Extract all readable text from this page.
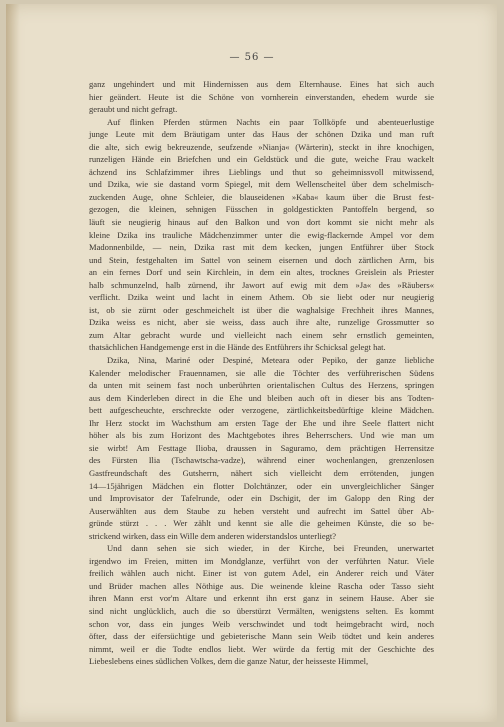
— 56 —

ganz ungehindert und mit Hindernissen aus dem Elternhause. Eines hat sich auch
hier geändert. Heute ist die Schöne von vornherein einverstanden, ehedem wurde sie
geraubt und nicht gefragt.

Auf flinken Pferden stürmen Nachts ein paar Tollköpfe und abenteuerlustige
junge Leute mit dem Bräutigam unter das Haus der schönen Dzika und man ruft
die alte, sich ewig bekreuzende, seufzende »Nianja« (Wärterin), steckt in ihre knochigen,
runzeligen Hände ein Briefchen und ein Geldstück und die gute, weiche Frau wackelt
ächzend ins Schlafzimmer ihres Lieblings und thut so geheimnissvoll mitwissend,
und Dzika, wie sie dastand vorm Spiegel, mit dem Wellenscheitel über dem schelmisch-
zuckenden Auge, ohne Schleier, die blauseidenen »Kaba« kaum über die Brust fest-
gezogen, die kleinen, sehnigen Füsschen in goldgestickten Pantoffeln bergend, so
läuft sie neugierig hinaus auf den Balkon und von dort kommt sie nicht mehr als
kleine Dzika ins trauliche Mädchenzimmer unter die ewig-flackernde Ampel vor dem
Madonnenbilde, — nein, Dzika rast mit dem kecken, jungen Entführer über Stock
und Stein, festgehalten im Sattel von seinem eisernen und doch zärtlichen Arm, bis
an ein fernes Dorf und sein Kirchlein, in dem ein altes, trocknes Greislein als Priester
halb schmunzelnd, halb zürnend, ihr Jawort auf ewig mit dem »Ja« des »Räubers«
verflicht. Dzika weint und lacht in einem Athem. Ob sie liebt oder nur neugierig
ist, ob sie zürnt oder geschmeichelt ist über die waghalsige Frechheit ihres Mannes,
Dzika weiss es nicht, aber sie weiss, dass auch ihre alte, runzelige Grossmutter so
zum Altar gebracht wurde und vielleicht nach einem sehr ernstlich gemeinten,
thatsächlichen Handgemenge erst in die Hände des Entführers ihr Schicksal gelegt hat.

Dzika, Nina, Mariné oder Despiné, Meteara oder Pepiko, der ganze liebliche
Kalender melodischer Frauennamen, sie alle die Töchter des verführerischen Südens
da unten mit seinem fast noch unberührten orientalischen Cultus des Herzens, springen
aus dem Kinderleben direct in die Ehe und bleiben auch oft in dieser bis ans Todten-
bett aufgescheuchte, erschreckte oder verzogene, zärtlichkeitsbedürftige kleine Mädchen.
Ihr Herz stockt im Wachsthum am ersten Tage der Ehe und ihre Seele flattert nicht
höher als bis zum Horizont des Machtgebotes ihres Beherrschers. Und wie man um
sie wirbt! Am Festtage Ilioba, draussen in Saguramo, dem prächtigen Herrensitze
des Fürsten Ilia (Tschawtscha-vadze), während einer wochenlangen, grenzenlosen
Gastfreundschaft des Gutsherrn, nähert sich vielleicht dem errötenden, jungen
14—15jährigen Mädchen ein flotter Dolchtänzer, oder ein unvergleichlicher Sänger
und Improvisator der Tafelrunde, oder ein Dschigit, der im Galopp den Ring der
Auserwählten aus dem Staube zu heben versteht und aufrecht im Sattel über Ab-
gründe stürzt . . . Wer zählt und kennt sie alle die geheimen Künste, die so be-
strickend wirken, dass ein Wille dem anderen widerstandslos unterliegt?

Und dann sehen sie sich wieder, in der Kirche, bei Freunden, unerwartet
irgendwo im Freien, mitten im Mondglanze, verführt von der verführten Natur. Viele
freilich wählen auch nicht. Einer ist von gutem Adel, ein Anderer reich und Väter
und Brüder machen alles Nöthige aus. Die weinende kleine Rascha oder Tasso sieht
ihren Mann erst vor'm Altare und erkennt ihn erst ganz in seinem Hause. Aber sie
sind nicht unglücklich, auch die so überstürzt Vermälten, wenigstens selten. Es kommt
schon vor, dass ein junges Weib verschwindet und todt heimgebracht wird, noch
öfter, dass der eifersüchtige und gebieterische Mann sein Weib tödtet und kein anderes
nimmt, weil er die Todte endlos liebt. Wer würde da fertig mit der Geschichte des
Liebeslebens eines südlichen Volkes, dem die ganze Natur, der heisseste Himmel,
